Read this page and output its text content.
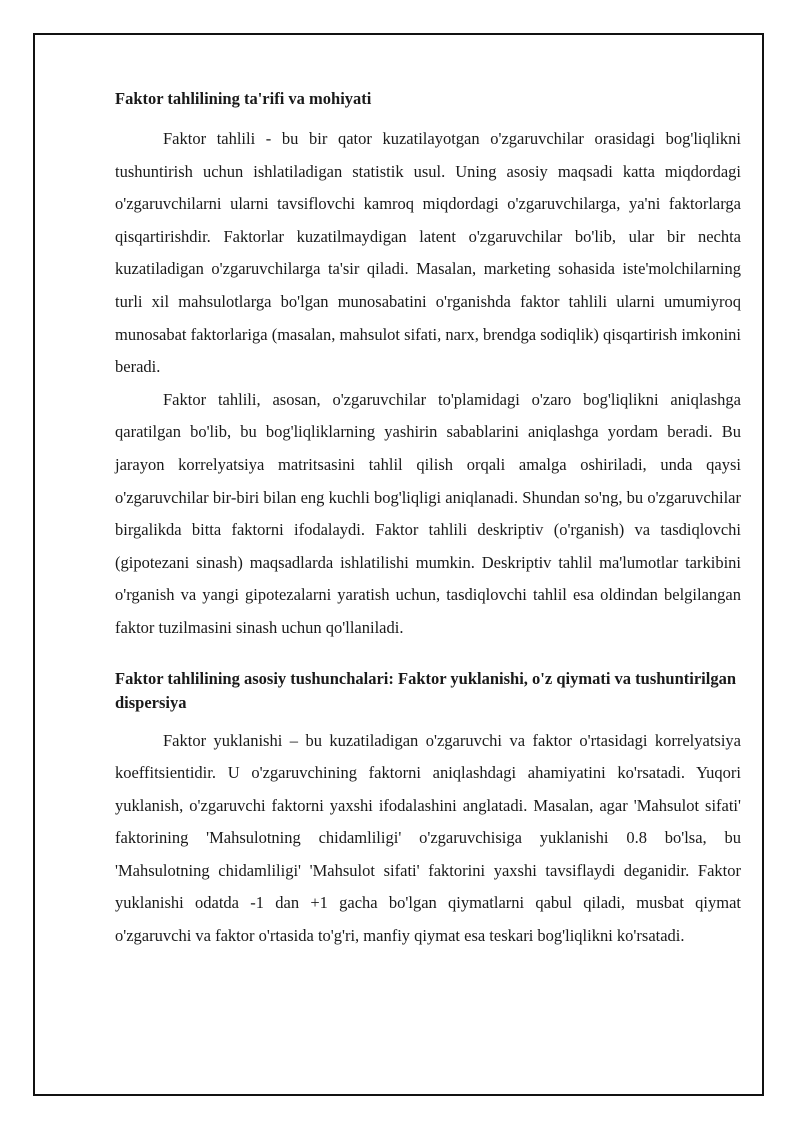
Faktor tahlilining ta'rifi va mohiyati

Faktor tahlili - bu bir qator kuzatilayotgan o'zgaruvchilar orasidagi bog'liqlikni tushuntirish uchun ishlatiladigan statistik usul. Uning asosiy maqsadi katta miqdordagi o'zgaruvchilarni ularni tavsiflovchi kamroq miqdordagi o'zgaruvchilarga, ya'ni faktorlarga qisqartirishdir. Faktorlar kuzatilmaydigan latent o'zgaruvchilar bo'lib, ular bir nechta kuzatiladigan o'zgaruvchilarga ta'sir qiladi. Masalan, marketing sohasida iste'molchilarning turli xil mahsulotlarga bo'lgan munosabatini o'rganishda faktor tahlili ularni umumiyroq munosabat faktorlariga (masalan, mahsulot sifati, narx, brendga sodiqlik) qisqartirish imkonini beradi.

Faktor tahlili, asosan, o'zgaruvchilar to'plamidagi o'zaro bog'liqlikni aniqlashga qaratilgan bo'lib, bu bog'liqliklarning yashirin sabablarini aniqlashga yordam beradi. Bu jarayon korrelyatsiya matritsasini tahlil qilish orqali amalga oshiriladi, unda qaysi o'zgaruvchilar bir-biri bilan eng kuchli bog'liqligi aniqlanadi. Shundan so'ng, bu o'zgaruvchilar birgalikda bitta faktorni ifodalaydi. Faktor tahlili deskriptiv (o'rganish) va tasdiqlovchi (gipotezani sinash) maqsadlarda ishlatilishi mumkin. Deskriptiv tahlil ma'lumotlar tarkibini o'rganish va yangi gipotezalarni yaratish uchun, tasdiqlovchi tahlil esa oldindan belgilangan faktor tuzilmasini sinash uchun qo'llaniladi.

Faktor tahlilining asosiy tushunchalari: Faktor yuklanishi, o'z qiymati va tushuntirilgan dispersiya

Faktor yuklanishi – bu kuzatiladigan o'zgaruvchi va faktor o'rtasidagi korrelyatsiya koeffitsientidir. U o'zgaruvchining faktorni aniqlashdagi ahamiyatini ko'rsatadi. Yuqori yuklanish, o'zgaruvchi faktorni yaxshi ifodalashini anglatadi. Masalan, agar 'Mahsulot sifati' faktorining 'Mahsulotning chidamliligi' o'zgaruvchisiga yuklanishi 0.8 bo'lsa, bu 'Mahsulotning chidamliligi' 'Mahsulot sifati' faktorini yaxshi tavsiflaydi deganidir. Faktor yuklanishi odatda -1 dan +1 gacha bo'lgan qiymatlarni qabul qiladi, musbat qiymat o'zgaruvchi va faktor o'rtasida to'g'ri, manfiy qiymat esa teskari bog'liqlikni ko'rsatadi.
